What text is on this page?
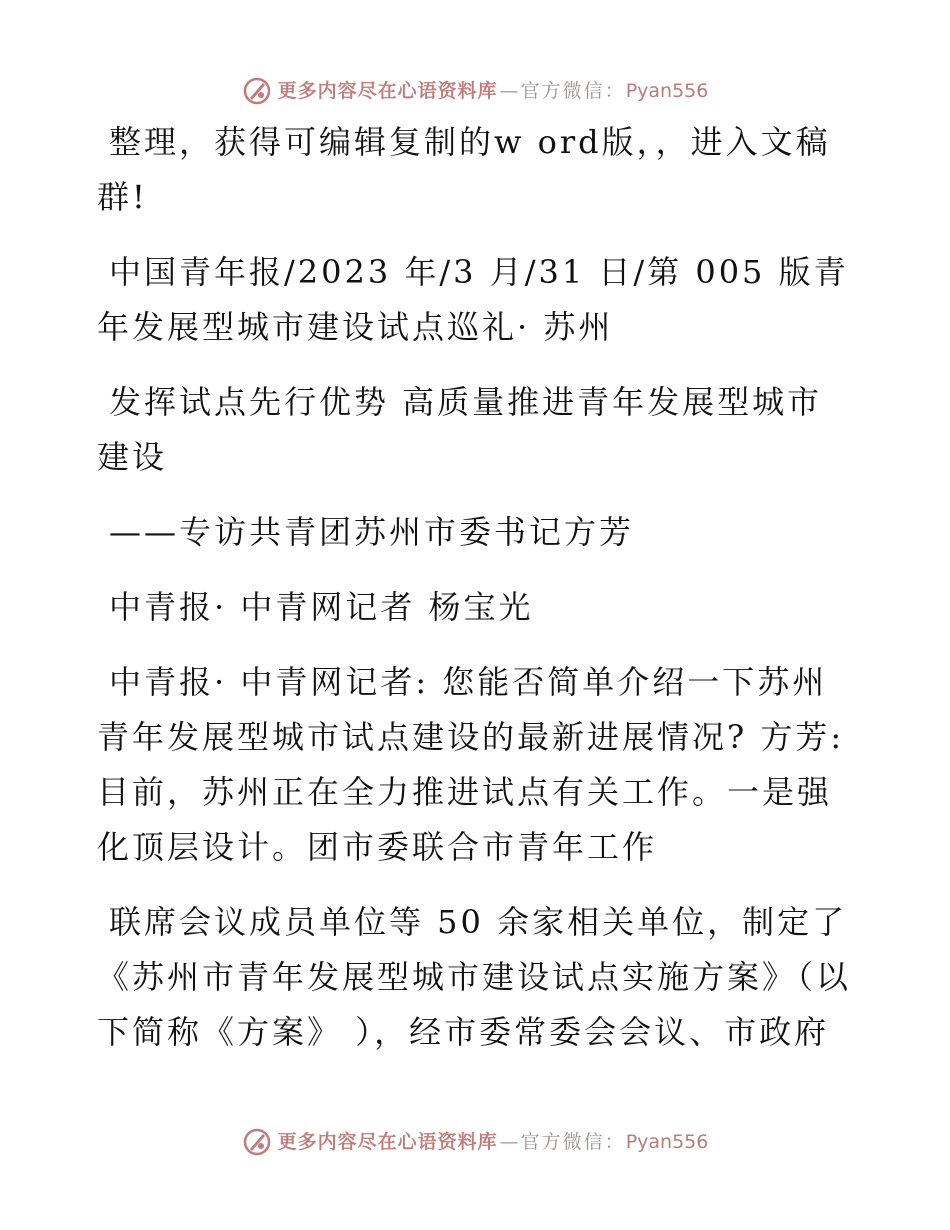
更多内容尽在心语资料库 — 官方微信： Pyan556

整理，获得可编辑复制的w ord版，，进入文稿群!

中国青年报/2023 年/3 月/31 日/第 005 版青年发展型城市建设试点巡礼· 苏州

发挥试点先行优势 高质量推进青年发展型城市建设

——专访共青团苏州市委书记方芳

中青报· 中青网记者 杨宝光

中青报· 中青网记者: 您能否简单介绍一下苏州青年发展型城市试点建设的最新进展情况? 方芳: 目前，苏州正在全力推进试点有关工作。一是强化顶层设计。团市委联合市青年工作

联席会议成员单位等 50 余家相关单位，制定了《苏州市青年发展型城市建设试点实施方案》（以下简称《方案》 ），经市委常委会会议、市政府

更多内容尽在心语资料库 — 官方微信： Pyan556
